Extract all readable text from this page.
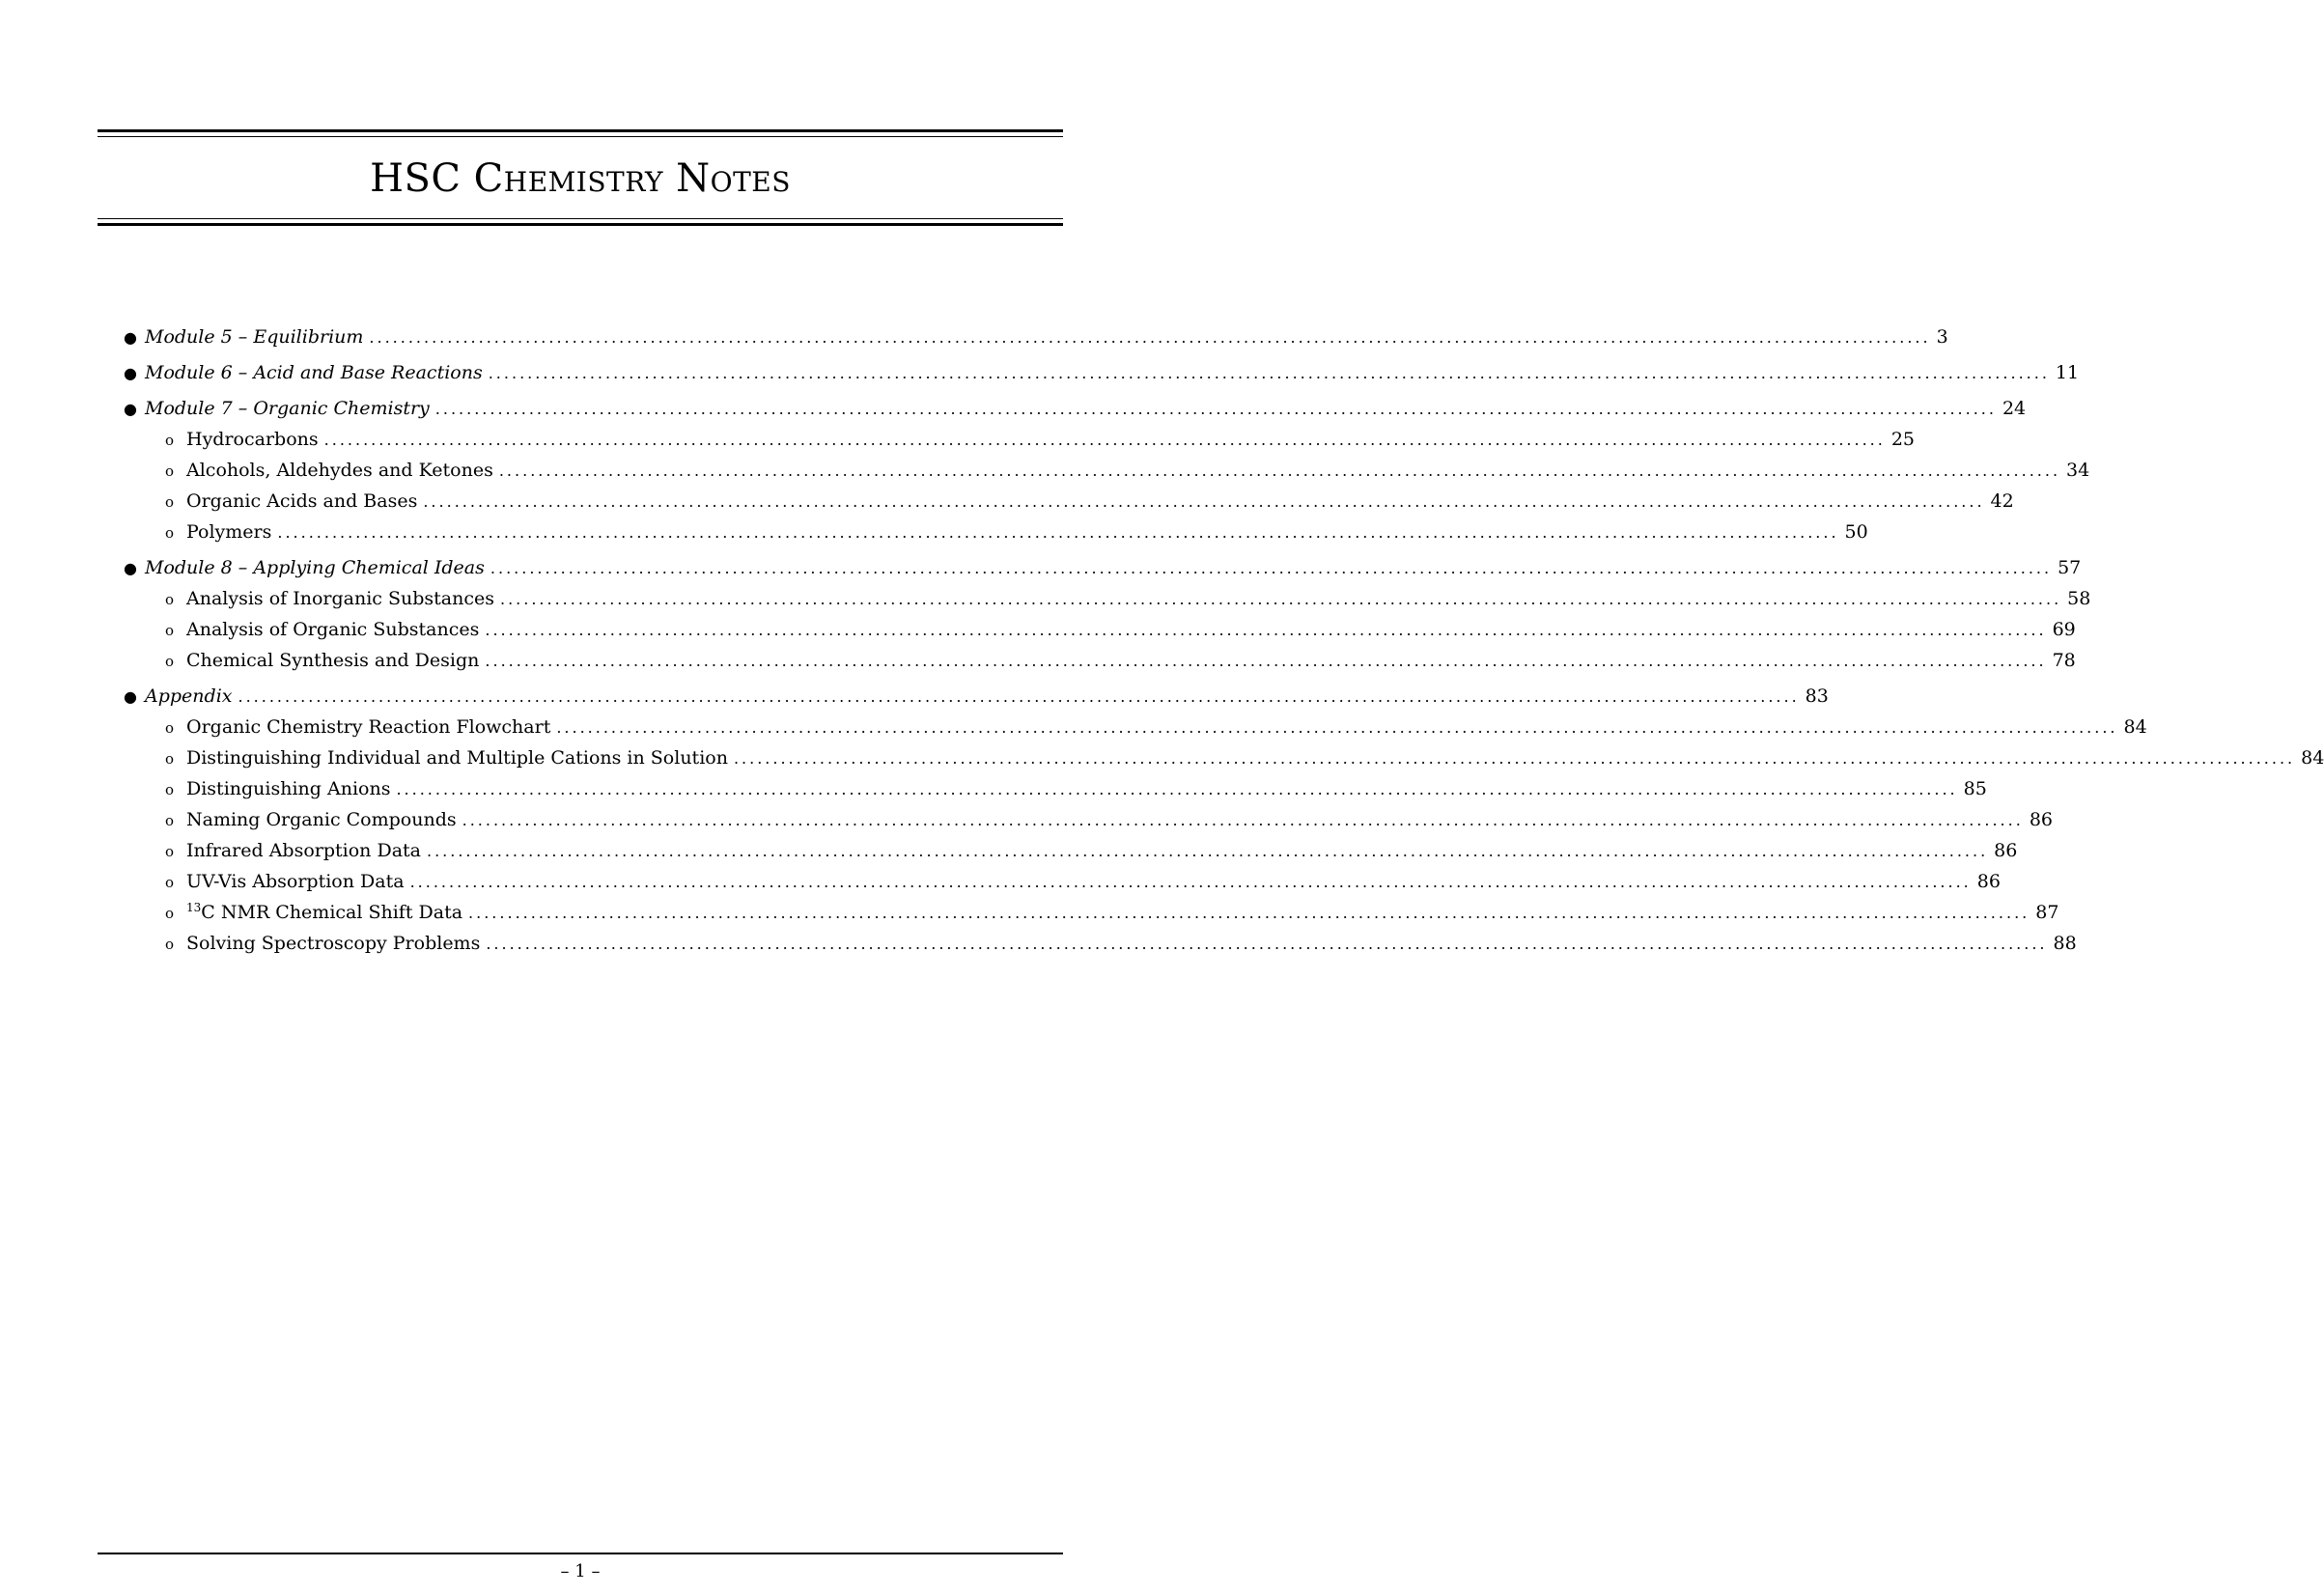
HSC Chemistry Notes
● Module 5 – Equilibrium ........................................................................................................................................................................................................ 3
● Module 6 – Acid and Base Reactions ........................................................................................................................................................................................................ 11
● Module 7 – Organic Chemistry ........................................................................................................................................................................................................ 24
o Hydrocarbons ........................................................................................................................................................................................................ 25
o Alcohols, Aldehydes and Ketones ........................................................................................................................................................................................................ 34
o Organic Acids and Bases ........................................................................................................................................................................................................ 42
o Polymers ........................................................................................................................................................................................................ 50
● Module 8 – Applying Chemical Ideas ........................................................................................................................................................................................................ 57
o Analysis of Inorganic Substances ........................................................................................................................................................................................................ 58
o Analysis of Organic Substances ........................................................................................................................................................................................................ 69
o Chemical Synthesis and Design ........................................................................................................................................................................................................ 78
● Appendix ........................................................................................................................................................................................................ 83
o Organic Chemistry Reaction Flowchart ........................................................................................................................................................................................................ 84
o Distinguishing Individual and Multiple Cations in Solution ........................................................................................................................................................................................................ 84
o Distinguishing Anions ........................................................................................................................................................................................................ 85
o Naming Organic Compounds ........................................................................................................................................................................................................ 86
o Infrared Absorption Data ........................................................................................................................................................................................................ 86
o UV-Vis Absorption Data ........................................................................................................................................................................................................ 86
o	$^{13}$C NMR Chemical Shift Data ........................................................................................................................................................................................................ 87
o Solving Spectroscopy Problems ........................................................................................................................................................................................................ 88
– 1 –
